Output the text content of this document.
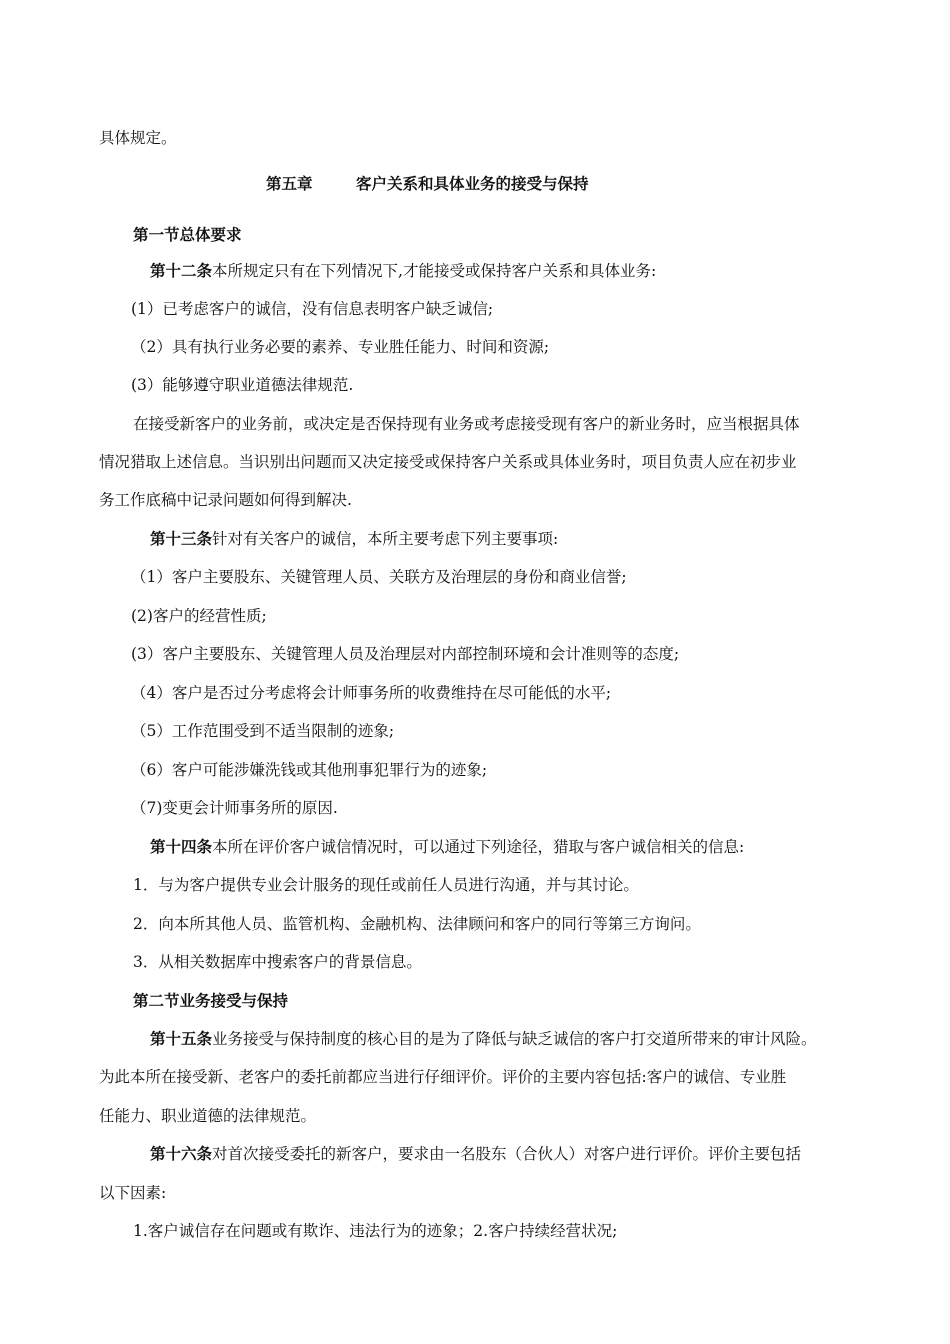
具体规定。
第五章	客户关系和具体业务的接受与保持
第一节总体要求
第十二条本所规定只有在下列情况下,才能接受或保持客户关系和具体业务:
(1）已考虑客户的诚信，没有信息表明客户缺乏诚信;
（2）具有执行业务必要的素养、专业胜任能力、时间和资源;
(3）能够遵守职业道德法律规范.
在接受新客户的业务前，或决定是否保持现有业务或考虑接受现有客户的新业务时，应当根据具体
情况猎取上述信息。当识别出问题而又决定接受或保持客户关系或具体业务时，项目负责人应在初步业
务工作底稿中记录问题如何得到解决.
第十三条针对有关客户的诚信，本所主要考虑下列主要事项:
（1）客户主要股东、关键管理人员、关联方及治理层的身份和商业信誉;
(2)客户的经营性质;
(3）客户主要股东、关键管理人员及治理层对内部控制环境和会计准则等的态度;
（4）客户是否过分考虑将会计师事务所的收费维持在尽可能低的水平;
（5）工作范围受到不适当限制的迹象;
（6）客户可能涉嫌洗钱或其他刑事犯罪行为的迹象;
（7)变更会计师事务所的原因.
第十四条本所在评价客户诚信情况时，可以通过下列途径，猎取与客户诚信相关的信息:
1．与为客户提供专业会计服务的现任或前任人员进行沟通，并与其讨论。
2．向本所其他人员、监管机构、金融机构、法律顾问和客户的同行等第三方询问。
3．从相关数据库中搜索客户的背景信息。
第二节业务接受与保持
第十五条业务接受与保持制度的核心目的是为了降低与缺乏诚信的客户打交道所带来的审计风险。
为此本所在接受新、老客户的委托前都应当进行仔细评价。评价的主要内容包括:客户的诚信、专业胜
任能力、职业道德的法律规范。
第十六条对首次接受委托的新客户，要求由一名股东（合伙人）对客户进行评价。评价主要包括
以下因素:
1.客户诚信存在问题或有欺诈、违法行为的迹象；2.客户持续经营状况;
